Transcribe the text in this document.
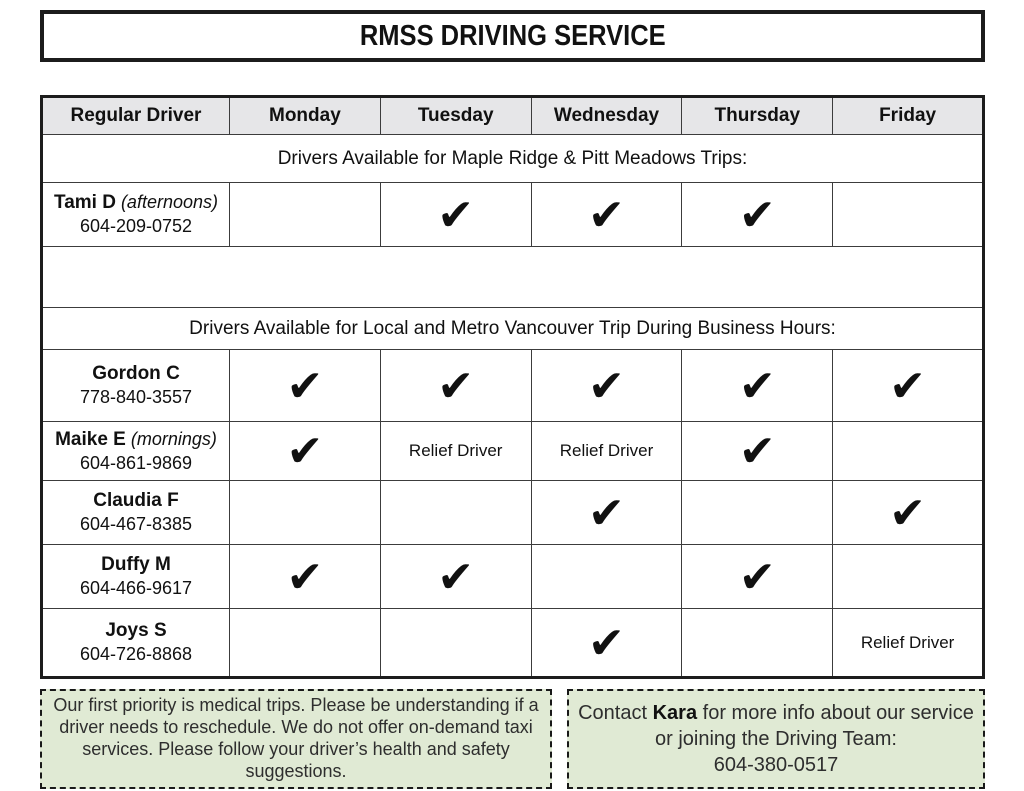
RMSS DRIVING SERVICE
Regular Driver	Monday	Tuesday	Wednesday	Thursday	Friday
Drivers Available for Maple Ridge & Pitt Meadows Trips:					

Tami D (afternoons)
604-209-0752		✔	✔	✔	

Drivers Available for Local and Metro Vancouver Trip During Business Hours:					

Gordon C
778-840-3557	✔	✔	✔	✔	✔

Maike E (mornings)
604-861-9869	✔	Relief Driver	Relief Driver	✔	

Claudia F
604-467-8385			✔		✔

Duffy M
604-466-9617	✔	✔		✔	

Joys S
604-726-8868			✔		Relief Driver
Our first priority is medical trips. Please be understanding if a driver needs to reschedule. We do not offer on-demand taxi services. Please follow your driver’s health and safety suggestions.
Contact Kara for more info about our service or joining the Driving Team:
604-380-0517
